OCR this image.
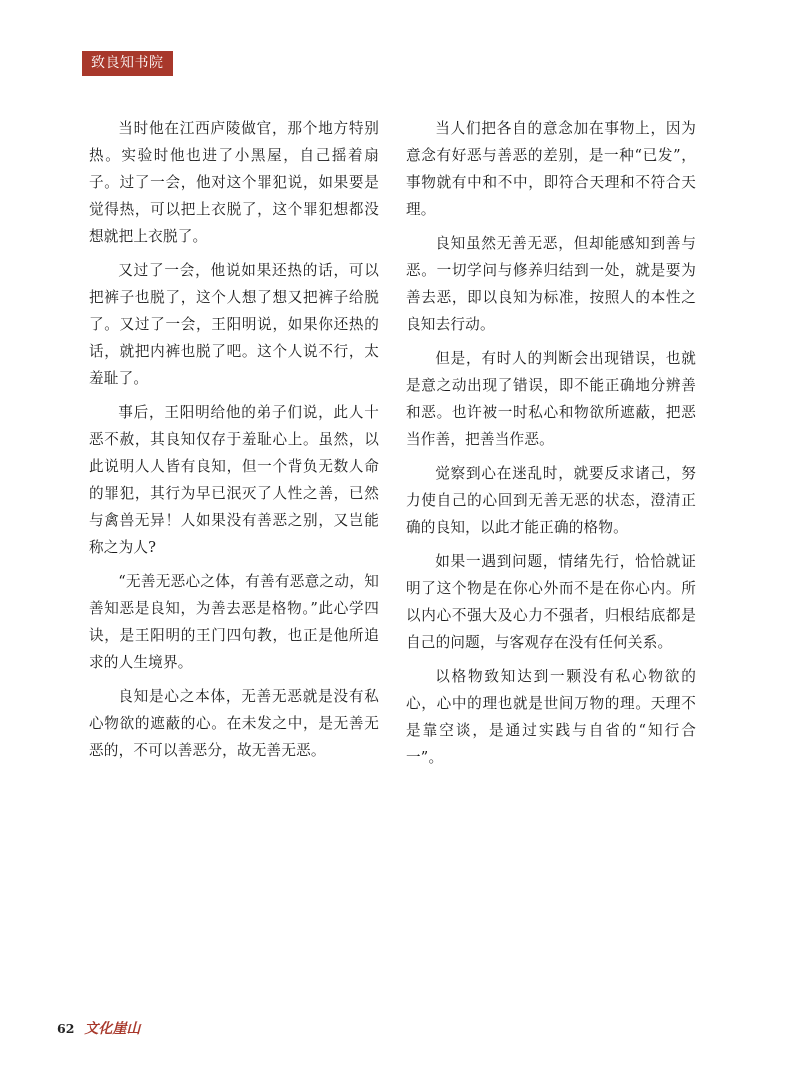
致良知书院

当时他在江西庐陵做官，那个地方特别热。实验时他也进了小黑屋，自己摇着扇子。过了一会，他对这个罪犯说，如果要是觉得热，可以把上衣脱了，这个罪犯想都没想就把上衣脱了。

又过了一会，他说如果还热的话，可以把裤子也脱了，这个人想了想又把裤子给脱了。又过了一会，王阳明说，如果你还热的话，就把内裤也脱了吧。这个人说不行，太羞耻了。

事后，王阳明给他的弟子们说，此人十恶不赦，其良知仅存于羞耻心上。虽然，以此说明人人皆有良知，但一个背负无数人命的罪犯，其行为早已泯灭了人性之善，已然与禽兽无异！人如果没有善恶之别，又岂能称之为人?

“无善无恶心之体，有善有恶意之动，知善知恶是良知，为善去恶是格物。”此心学四诀，是王阳明的王门四句教，也正是他所追求的人生境界。

良知是心之本体，无善无恶就是没有私心物欲的遮蔽的心。在未发之中，是无善无恶的，不可以善恶分，故无善无恶。

当人们把各自的意念加在事物上，因为意念有好恶与善恶的差别，是一种“已发”，事物就有中和不中，即符合天理和不符合天理。

良知虽然无善无恶，但却能感知到善与恶。一切学问与修养归结到一处，就是要为善去恶，即以良知为标准，按照人的本性之良知去行动。

但是，有时人的判断会出现错误，也就是意之动出现了错误，即不能正确地分辨善和恶。也许被一时私心和物欲所遮蔽，把恶当作善，把善当作恶。

觉察到心在迷乱时，就要反求诸己，努力使自己的心回到无善无恶的状态，澄清正确的良知，以此才能正确的格物。

如果一遇到问题，情绪先行，恰恰就证明了这个物是在你心外而不是在你心内。所以内心不强大及心力不强者，归根结底都是自己的问题，与客观存在没有任何关系。

以格物致知达到一颗没有私心物欲的心，心中的理也就是世间万物的理。天理不是靠空谈，是通过实践与自省的“知行合一”。

62 文化崖山
